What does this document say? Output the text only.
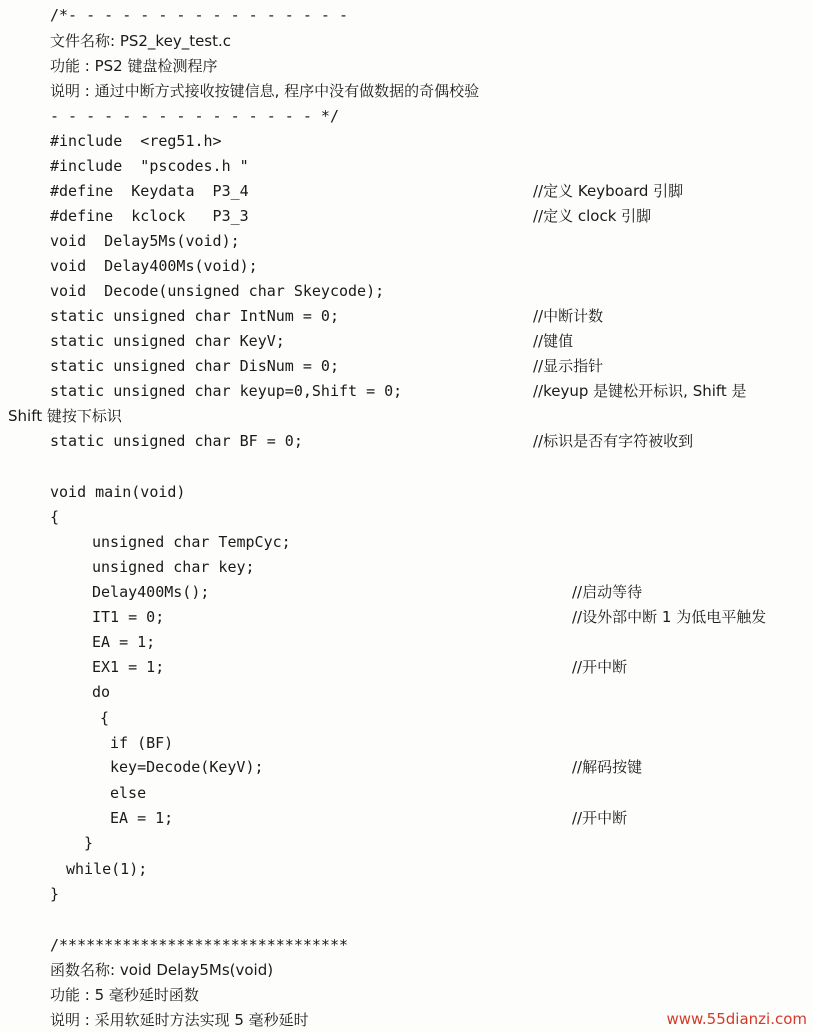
/*- - - - - - - - - - - - - - - -
文件名称: PS2_key_test.c
功能 : PS2 键盘检测程序
说明 : 通过中断方式接收按键信息, 程序中没有做数据的奇偶校验
- - - - - - - - - - - - - - - */
#include  <reg51.h>
#include  "pscodes.h "
#define  Keydata  P3_4	//定义 Keyboard 引脚
#define  kclock   P3_3	//定义 clock 引脚
void  Delay5Ms(void);
void  Delay400Ms(void);
void  Decode(unsigned char Skeycode);
static unsigned char IntNum = 0;	//中断计数
static unsigned char KeyV;	//键值
static unsigned char DisNum = 0;	//显示指针
static unsigned char keyup=0,Shift = 0;	//keyup 是键松开标识, Shift 是
Shift 键按下标识
static unsigned char BF = 0;	//标识是否有字符被收到
void main(void)
{
unsigned char TempCyc;
unsigned char key;
Delay400Ms();	//启动等待
IT1 = 0;	//设外部中断 1 为低电平触发
EA = 1;
EX1 = 1;	//开中断
do
{
if (BF)
key=Decode(KeyV);	//解码按键
else
EA = 1;	//开中断
}
while(1);
}
/********************************
函数名称: void Delay5Ms(void)
功能 : 5 毫秒延时函数
说明 : 采用软延时方法实现 5 毫秒延时	www.55dianzi.com
